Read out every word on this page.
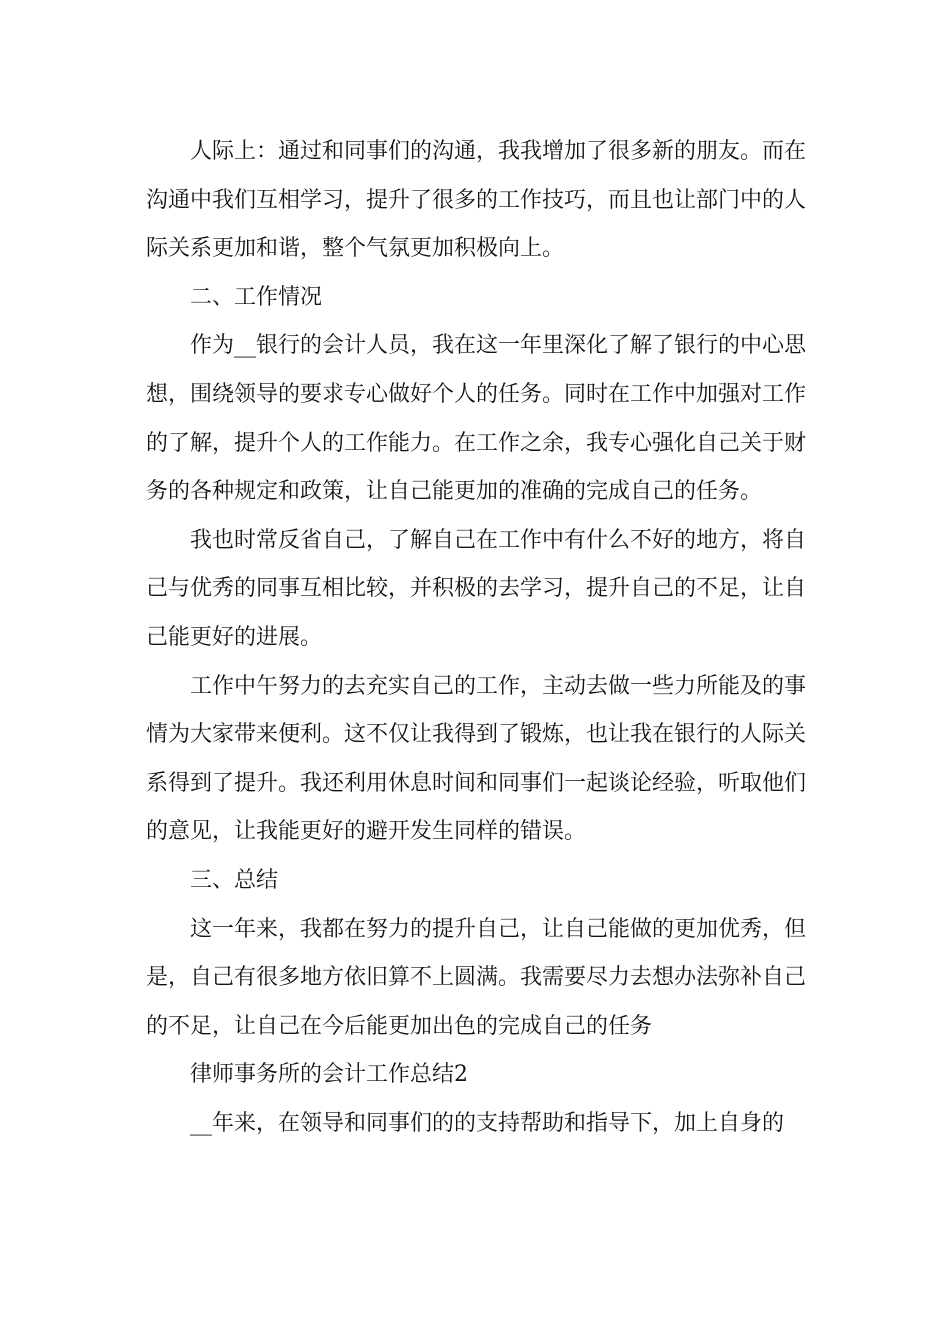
人际上：通过和同事们的沟通，我我增加了很多新的朋友。而在沟通中我们互相学习，提升了很多的工作技巧，而且也让部门中的人际关系更加和谐，整个气氛更加积极向上。

二、工作情况

作为__银行的会计人员，我在这一年里深化了解了银行的中心思想，围绕领导的要求专心做好个人的任务。同时在工作中加强对工作的了解，提升个人的工作能力。在工作之余，我专心强化自己关于财务的各种规定和政策，让自己能更加的准确的完成自己的任务。

我也时常反省自己，了解自己在工作中有什么不好的地方，将自己与优秀的同事互相比较，并积极的去学习，提升自己的不足，让自己能更好的进展。

工作中午努力的去充实自己的工作，主动去做一些力所能及的事情为大家带来便利。这不仅让我得到了锻炼，也让我在银行的人际关系得到了提升。我还利用休息时间和同事们一起谈论经验，听取他们的意见，让我能更好的避开发生同样的错误。

三、总结

这一年来，我都在努力的提升自己，让自己能做的更加优秀，但是，自己有很多地方依旧算不上圆满。我需要尽力去想办法弥补自己的不足，让自己在今后能更加出色的完成自己的任务

律师事务所的会计工作总结2

__年来，在领导和同事们的的支持帮助和指导下，加上自身的
